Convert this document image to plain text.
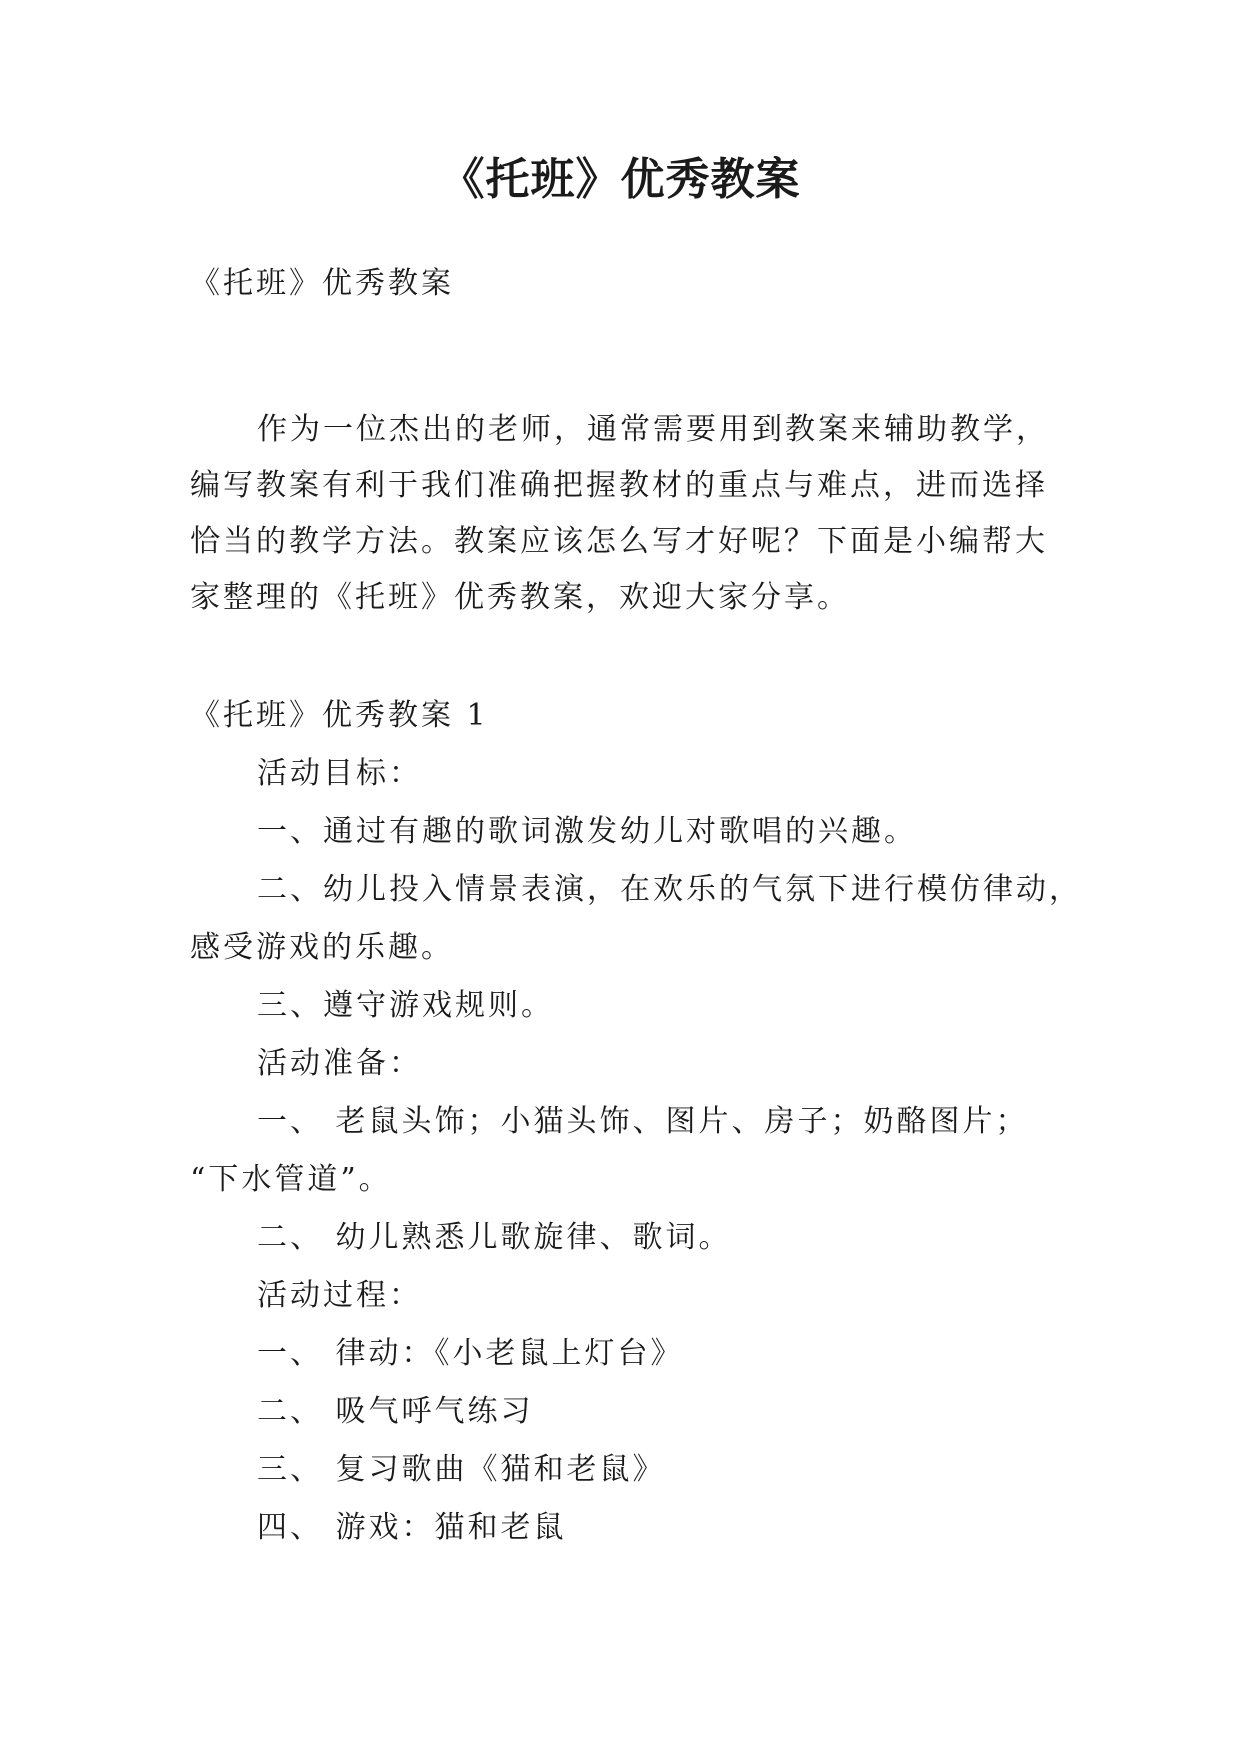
《托班》优秀教案

《托班》优秀教案

作为一位杰出的老师，通常需要用到教案来辅助教学，

编写教案有利于我们准确把握教材的重点与难点，进而选择

恰当的教学方法。教案应该怎么写才好呢？下面是小编帮大

家整理的《托班》优秀教案，欢迎大家分享。

《托班》优秀教案 1

活动目标：

一、通过有趣的歌词激发幼儿对歌唱的兴趣。

二、幼儿投入情景表演，在欢乐的气氛下进行模仿律动，

感受游戏的乐趣。

三、遵守游戏规则。

活动准备：

一、 老鼠头饰；小猫头饰、图片、房子；奶酪图片；

“下水管道”。

二、 幼儿熟悉儿歌旋律、歌词。

活动过程：

一、 律动：《小老鼠上灯台》

二、 吸气呼气练习

三、 复习歌曲《猫和老鼠》

四、 游戏：猫和老鼠
